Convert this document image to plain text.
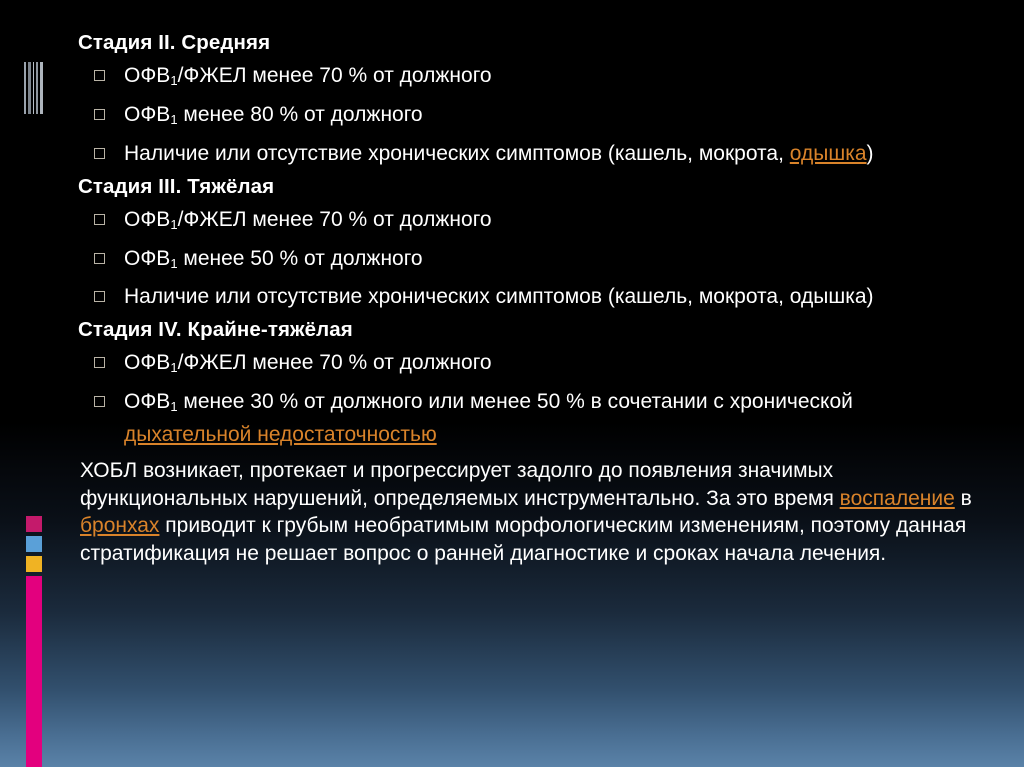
Стадия II. Средняя
$ОФВ_1$/ФЖЕЛ менее 70 % от должного
$ОФВ_1$ менее 80 % от должного
Наличие или отсутствие хронических симптомов (кашель, мокрота, одышка)
Стадия III. Тяжёлая
$ОФВ_1$/ФЖЕЛ менее 70 % от должного
$ОФВ_1$ менее 50 % от должного
Наличие или отсутствие хронических симптомов (кашель, мокрота, одышка)
Стадия IV. Крайне-тяжёлая
$ОФВ_1$/ФЖЕЛ менее 70 % от должного
$ОФВ_1$ менее 30 % от должного или менее 50 % в сочетании с хронической дыхательной недостаточностью

ХОБЛ возникает, протекает и прогрессирует задолго до появления значимых функциональных нарушений, определяемых инструментально. За это время воспаление в бронхах приводит к грубым необратимым морфологическим изменениям, поэтому данная стратификация не решает вопрос о ранней диагностике и сроках начала лечения.
